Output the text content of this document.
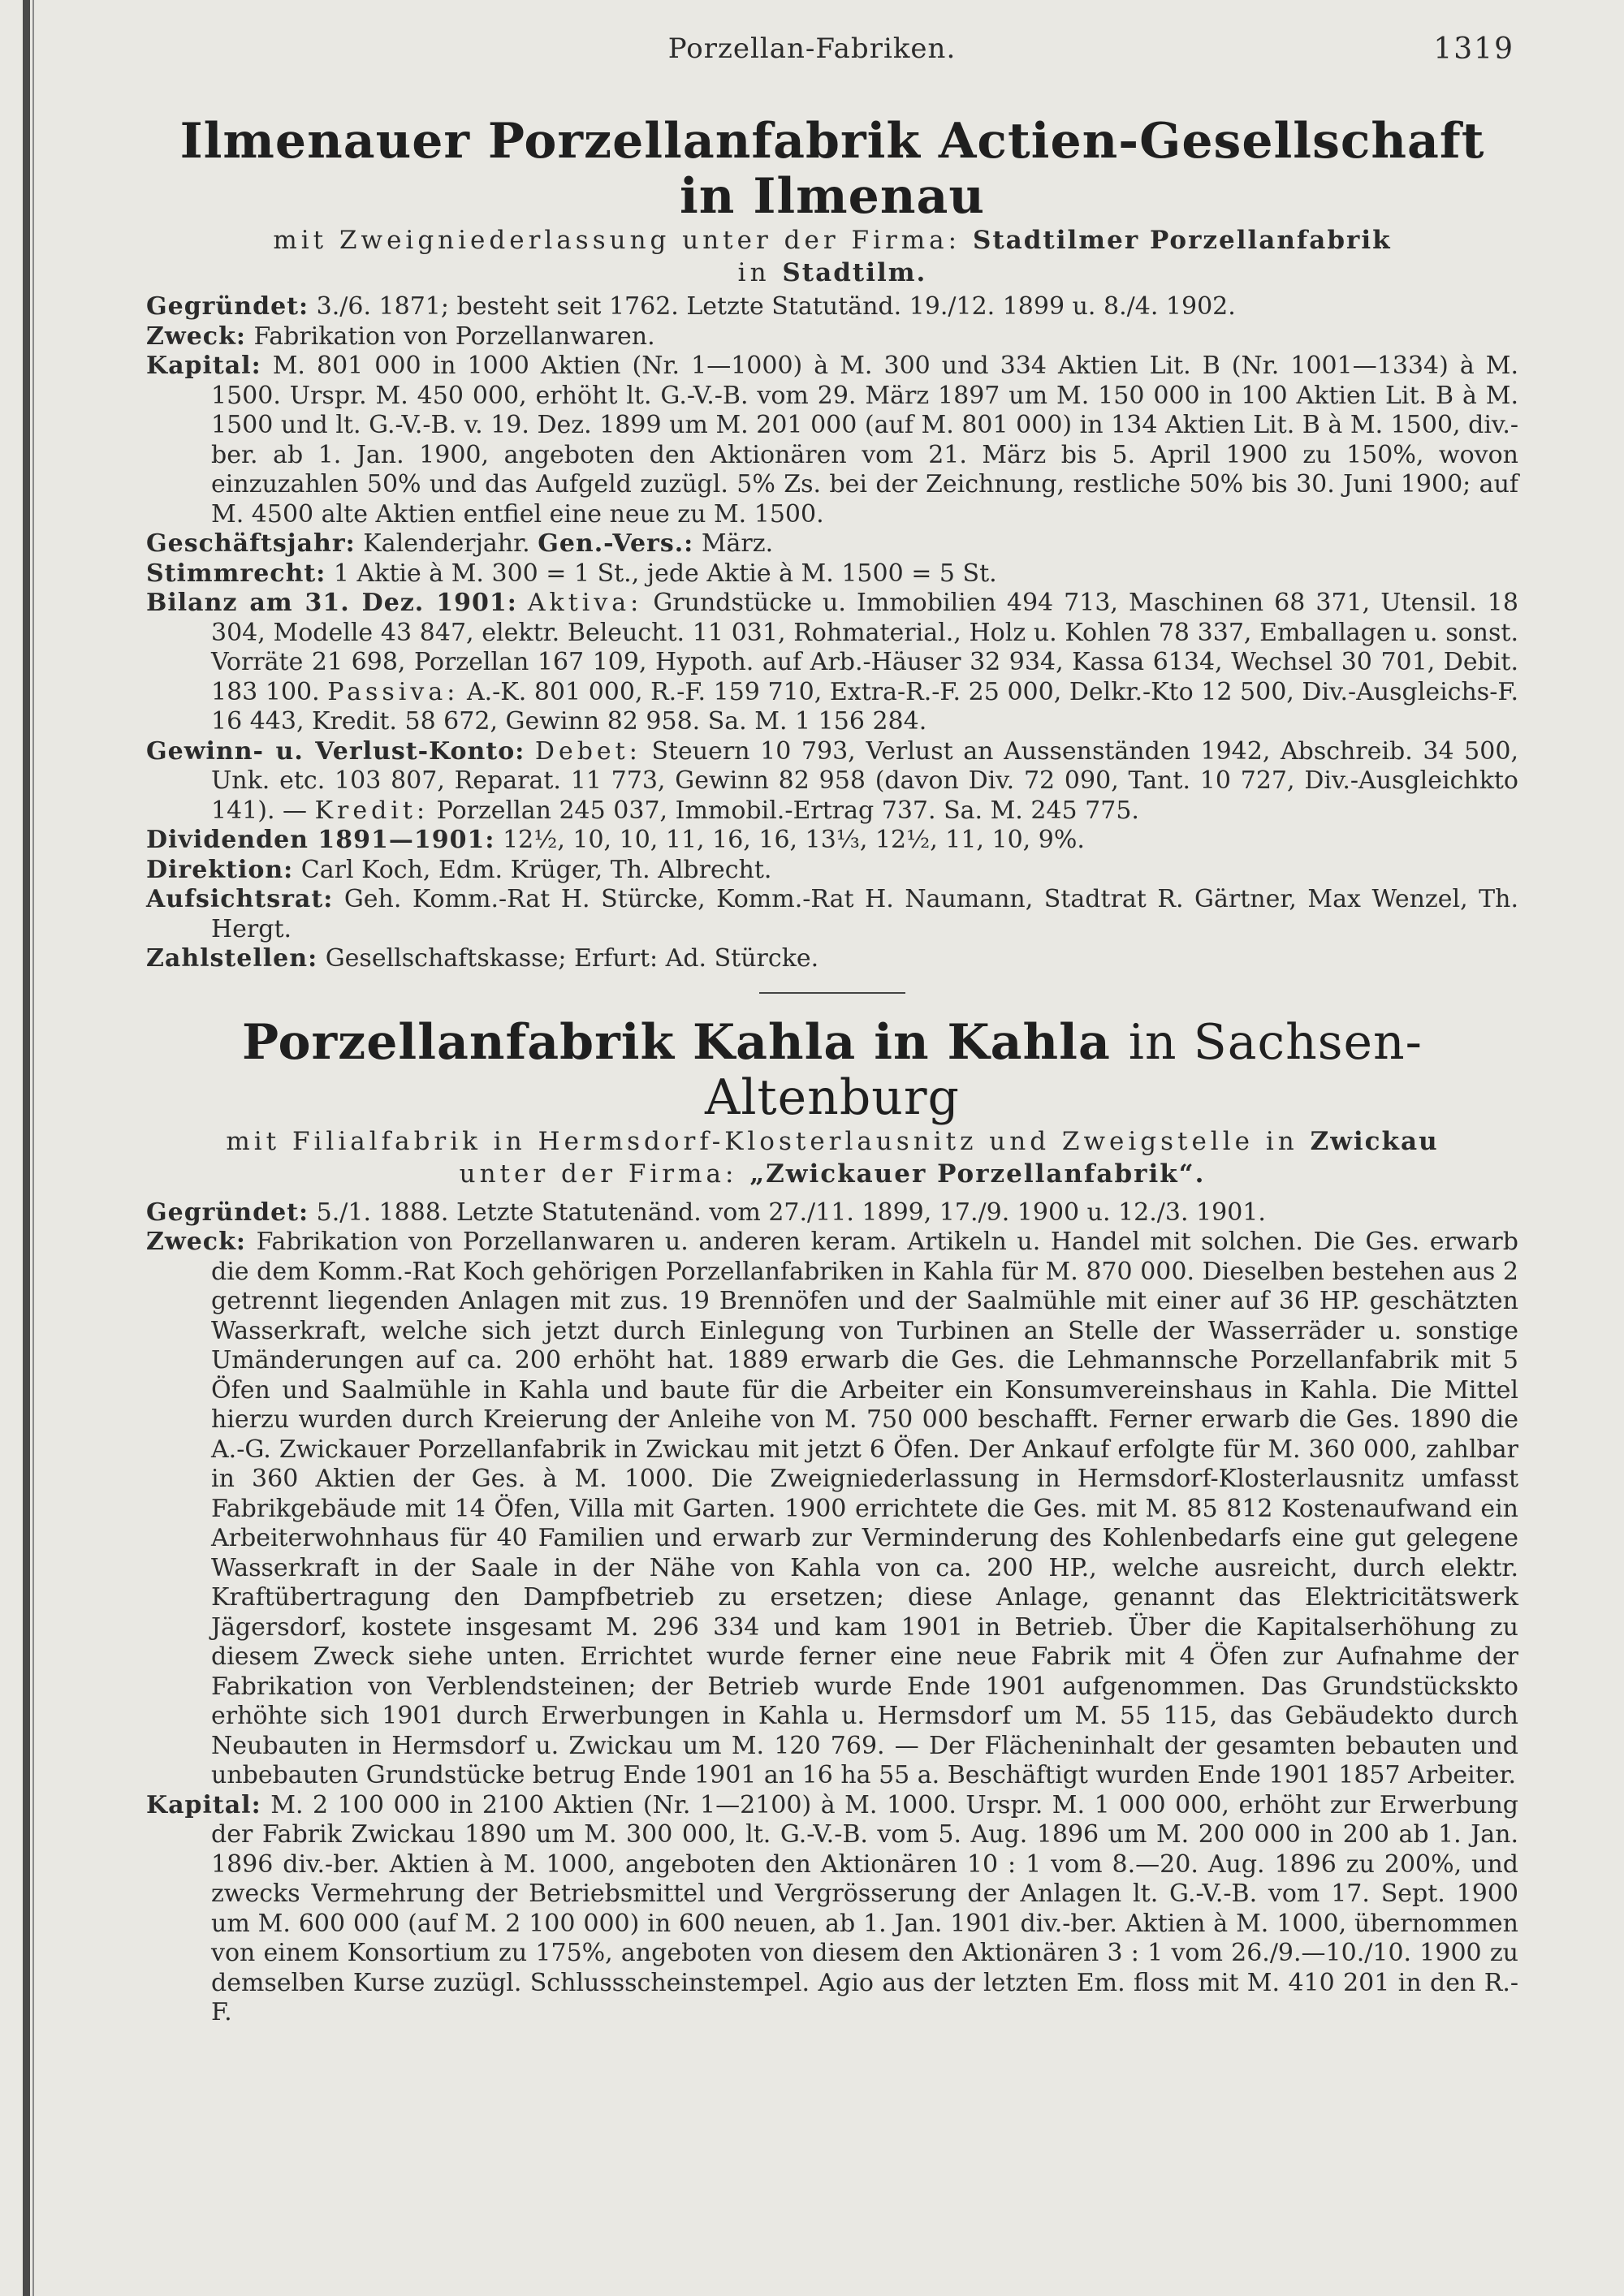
Porzellan-Fabriken.	1319
Ilmenauer Porzellanfabrik Actien-Gesellschaft in Ilmenau

mit Zweigniederlassung unter der Firma: Stadtilmer Porzellanfabrik

in Stadtilm.

Gegründet: 3./6. 1871; besteht seit 1762. Letzte Statutänd. 19./12. 1899 u. 8./4. 1902.

Zweck: Fabrikation von Porzellanwaren.

Kapital: M. 801 000 in 1000 Aktien (Nr. 1—1000) à M. 300 und 334 Aktien Lit. B (Nr. 1001—1334) à M. 1500. Urspr. M. 450 000, erhöht lt. G.-V.-B. vom 29. März 1897 um M. 150 000 in 100 Aktien Lit. B à M. 1500 und lt. G.-V.-B. v. 19. Dez. 1899 um M. 201 000 (auf M. 801 000) in 134 Aktien Lit. B à M. 1500, div.-ber. ab 1. Jan. 1900, angeboten den Aktionären vom 21. März bis 5. April 1900 zu 150%, wovon einzuzahlen 50% und das Aufgeld zuzügl. 5% Zs. bei der Zeichnung, restliche 50% bis 30. Juni 1900; auf M. 4500 alte Aktien entfiel eine neue zu M. 1500.

Geschäftsjahr: Kalenderjahr. Gen.-Vers.: März.

Stimmrecht: 1 Aktie à M. 300 = 1 St., jede Aktie à M. 1500 = 5 St.

Bilanz am 31. Dez. 1901: Aktiva: Grundstücke u. Immobilien 494 713, Maschinen 68 371, Utensil. 18 304, Modelle 43 847, elektr. Beleucht. 11 031, Rohmaterial., Holz u. Kohlen 78 337, Emballagen u. sonst. Vorräte 21 698, Porzellan 167 109, Hypoth. auf Arb.-Häuser 32 934, Kassa 6134, Wechsel 30 701, Debit. 183 100. Passiva: A.-K. 801 000, R.-F. 159 710, Extra-R.-F. 25 000, Delkr.-Kto 12 500, Div.-Ausgleichs-F. 16 443, Kredit. 58 672, Gewinn 82 958. Sa. M. 1 156 284.

Gewinn- u. Verlust-Konto: Debet: Steuern 10 793, Verlust an Aussenständen 1942, Abschreib. 34 500, Unk. etc. 103 807, Reparat. 11 773, Gewinn 82 958 (davon Div. 72 090, Tant. 10 727, Div.-Ausgleichkto 141). — Kredit: Porzellan 245 037, Immobil.-Ertrag 737. Sa. M. 245 775.

Dividenden 1891—1901: 12½, 10, 10, 11, 16, 16, 13⅓, 12½, 11, 10, 9%.

Direktion: Carl Koch, Edm. Krüger, Th. Albrecht.

Aufsichtsrat: Geh. Komm.-Rat H. Stürcke, Komm.-Rat H. Naumann, Stadtrat R. Gärtner, Max Wenzel, Th. Hergt.

Zahlstellen: Gesellschaftskasse; Erfurt: Ad. Stürcke.

Porzellanfabrik Kahla in Kahla in Sachsen-Altenburg

mit Filialfabrik in Hermsdorf-Klosterlausnitz und Zweigstelle in Zwickau

unter der Firma: „Zwickauer Porzellanfabrik“.

Gegründet: 5./1. 1888. Letzte Statutenänd. vom 27./11. 1899, 17./9. 1900 u. 12./3. 1901.

Zweck: Fabrikation von Porzellanwaren u. anderen keram. Artikeln u. Handel mit solchen. Die Ges. erwarb die dem Komm.-Rat Koch gehörigen Porzellanfabriken in Kahla für M. 870 000. Dieselben bestehen aus 2 getrennt liegenden Anlagen mit zus. 19 Brennöfen und der Saalmühle mit einer auf 36 HP. geschätzten Wasserkraft, welche sich jetzt durch Einlegung von Turbinen an Stelle der Wasserräder u. sonstige Umänderungen auf ca. 200 erhöht hat. 1889 erwarb die Ges. die Lehmannsche Porzellanfabrik mit 5 Öfen und Saalmühle in Kahla und baute für die Arbeiter ein Konsumvereinshaus in Kahla. Die Mittel hierzu wurden durch Kreierung der Anleihe von M. 750 000 beschafft. Ferner erwarb die Ges. 1890 die A.-G. Zwickauer Porzellanfabrik in Zwickau mit jetzt 6 Öfen. Der Ankauf erfolgte für M. 360 000, zahlbar in 360 Aktien der Ges. à M. 1000. Die Zweigniederlassung in Hermsdorf-Klosterlausnitz umfasst Fabrikgebäude mit 14 Öfen, Villa mit Garten. 1900 errichtete die Ges. mit M. 85 812 Kostenaufwand ein Arbeiterwohnhaus für 40 Familien und erwarb zur Verminderung des Kohlenbedarfs eine gut gelegene Wasserkraft in der Saale in der Nähe von Kahla von ca. 200 HP., welche ausreicht, durch elektr. Kraftübertragung den Dampfbetrieb zu ersetzen; diese Anlage, genannt das Elektricitätswerk Jägersdorf, kostete insgesamt M. 296 334 und kam 1901 in Betrieb. Über die Kapitalserhöhung zu diesem Zweck siehe unten. Errichtet wurde ferner eine neue Fabrik mit 4 Öfen zur Aufnahme der Fabrikation von Verblendsteinen; der Betrieb wurde Ende 1901 aufgenommen. Das Grundstückskto erhöhte sich 1901 durch Erwerbungen in Kahla u. Hermsdorf um M. 55 115, das Gebäudekto durch Neubauten in Hermsdorf u. Zwickau um M. 120 769. — Der Flächeninhalt der gesamten bebauten und unbebauten Grundstücke betrug Ende 1901 an 16 ha 55 a. Beschäftigt wurden Ende 1901 1857 Arbeiter.

Kapital: M. 2 100 000 in 2100 Aktien (Nr. 1—2100) à M. 1000. Urspr. M. 1 000 000, erhöht zur Erwerbung der Fabrik Zwickau 1890 um M. 300 000, lt. G.-V.-B. vom 5. Aug. 1896 um M. 200 000 in 200 ab 1. Jan. 1896 div.-ber. Aktien à M. 1000, angeboten den Aktionären 10 : 1 vom 8.—20. Aug. 1896 zu 200%, und zwecks Vermehrung der Betriebsmittel und Vergrösserung der Anlagen lt. G.-V.-B. vom 17. Sept. 1900 um M. 600 000 (auf M. 2 100 000) in 600 neuen, ab 1. Jan. 1901 div.-ber. Aktien à M. 1000, übernommen von einem Konsortium zu 175%, angeboten von diesem den Aktionären 3 : 1 vom 26./9.—10./10. 1900 zu demselben Kurse zuzügl. Schlussscheinstempel. Agio aus der letzten Em. floss mit M. 410 201 in den R.-F.
